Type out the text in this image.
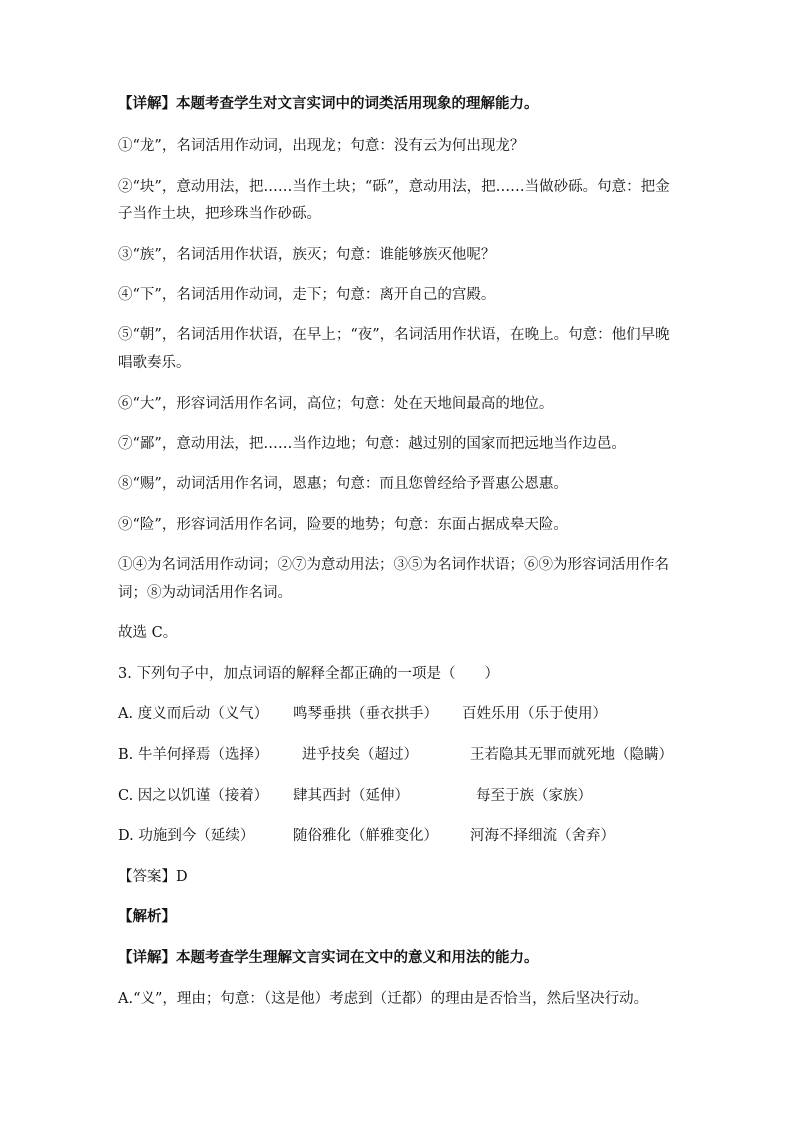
【详解】本题考查学生对文言实词中的词类活用现象的理解能力。
①“龙”，名词活用作动词，出现龙；句意：没有云为何出现龙？
②“块”，意动用法，把……当作土块；“砾”，意动用法，把……当做砂砾。句意：把金
子当作土块，把珍珠当作砂砾。
③“族”，名词活用作状语，族灭；句意：谁能够族灭他呢？
④“下”，名词活用作动词，走下；句意：离开自己的宫殿。
⑤“朝”，名词活用作状语，在早上；“夜”，名词活用作状语，在晚上。句意：他们早晚
唱歌奏乐。
⑥“大”，形容词活用作名词，高位；句意：处在天地间最高的地位。
⑦“鄙”，意动用法，把……当作边地；句意：越过别的国家而把远地当作边邑。
⑧“赐”，动词活用作名词，恩惠；句意：而且您曾经给予晋惠公恩惠。
⑨“险”，形容词活用作名词，险要的地势；句意：东面占据成皋天险。
①④为名词活用作动词；②⑦为意动用法；③⑤为名词作状语；⑥⑨为形容词活用作名
词；⑧为动词活用作名词。
故选 C。
3. 下列句子中，加点词语的解释全都正确的一项是（　　）
A. 度义而后动（义气） 鸣琴垂拱（垂衣拱手） 百姓乐用（乐于使用）
B. 牛羊何择焉（选择） 进乎技矣（超过）	王若隐其无罪而就死地（隐瞒）
C. 因之以饥谨（接着） 肆其西封（延伸）	每至于族（家族）
D. 功施到今（延续）	随俗雅化（觧雅变化） 河海不择细流（舍弃）
【答案】D
【解析】
【详解】本题考查学生理解文言实词在文中的意义和用法的能力。
A.“义”，理由；句意：（这是他）考虑到（迁都）的理由是否恰当，然后坚决行动。
